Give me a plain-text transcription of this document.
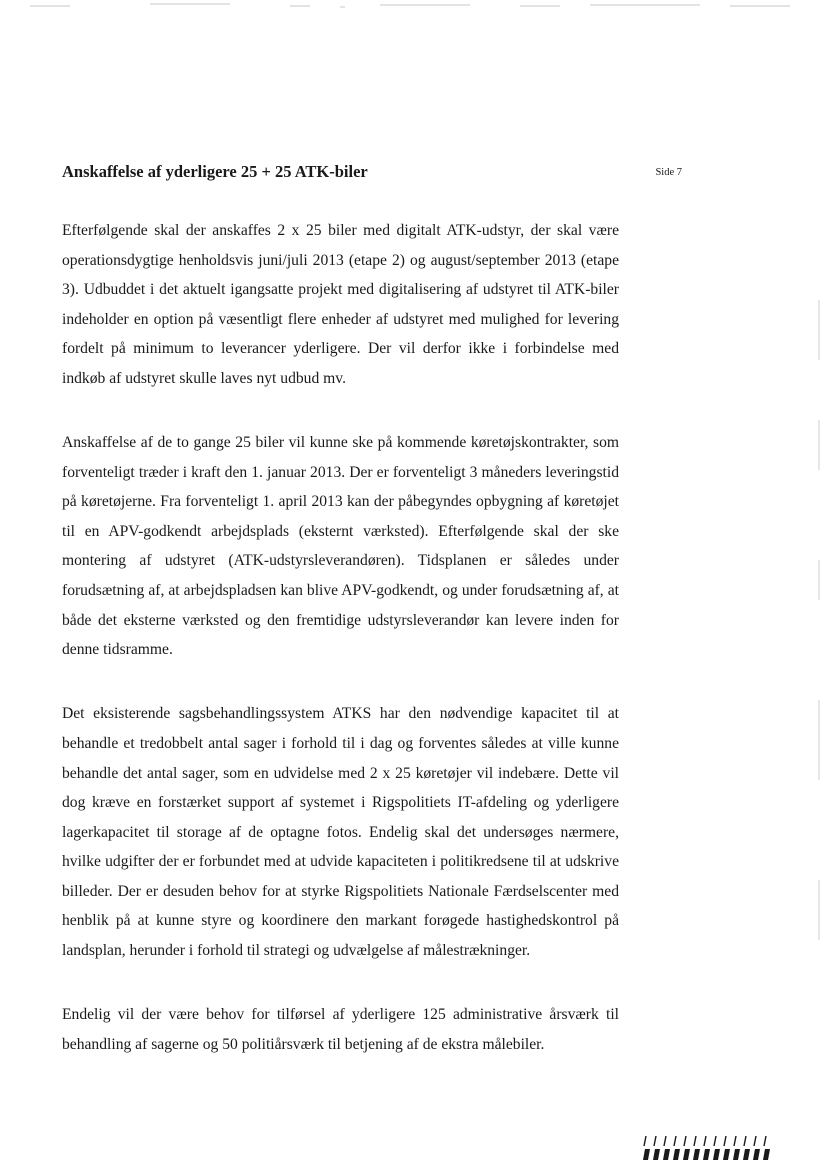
Anskaffelse af yderligere 25 + 25 ATK-biler	Side 7

Efterfølgende skal der anskaffes 2 x 25 biler med digitalt ATK-udstyr, der skal være operationsdygtige henholdsvis juni/juli 2013 (etape 2) og august/september 2013 (etape 3). Udbuddet i det aktuelt igangsatte projekt med digitalisering af udstyret til ATK-biler indeholder en option på væsentligt flere enheder af udstyret med mulighed for levering fordelt på minimum to leverancer yderligere. Der vil derfor ikke i forbindelse med indkøb af udstyret skulle laves nyt udbud mv.

Anskaffelse af de to gange 25 biler vil kunne ske på kommende køretøjskontrakter, som forventeligt træder i kraft den 1. januar 2013. Der er forventeligt 3 måneders leveringstid på køretøjerne. Fra forventeligt 1. april 2013 kan der påbegyndes opbygning af køretøjet til en APV-godkendt arbejdsplads (eksternt værksted). Efterfølgende skal der ske montering af udstyret (ATK-udstyrsleverandøren). Tidsplanen er således under forudsætning af, at arbejdspladsen kan blive APV-godkendt, og under forudsætning af, at både det eksterne værksted og den fremtidige udstyrsleverandør kan levere inden for denne tidsramme.

Det eksisterende sagsbehandlingssystem ATKS har den nødvendige kapacitet til at behandle et tredobbelt antal sager i forhold til i dag og forventes således at ville kunne behandle det antal sager, som en udvidelse med 2 x 25 køretøjer vil indebære. Dette vil dog kræve en forstærket support af systemet i Rigspolitiets IT-afdeling og yderligere lagerkapacitet til storage af de optagne fotos. Endelig skal det undersøges nærmere, hvilke udgifter der er forbundet med at udvide kapaciteten i politikredsene til at udskrive billeder. Der er desuden behov for at styrke Rigspolitiets Nationale Færdselscenter med henblik på at kunne styre og koordinere den markant forøgede hastighedskontrol på landsplan, herunder i forhold til strategi og udvælgelse af målestrækninger.

Endelig vil der være behov for tilførsel af yderligere 125 administrative årsværk til behandling af sagerne og 50 politiårsværk til betjening af de ekstra målebiler.
